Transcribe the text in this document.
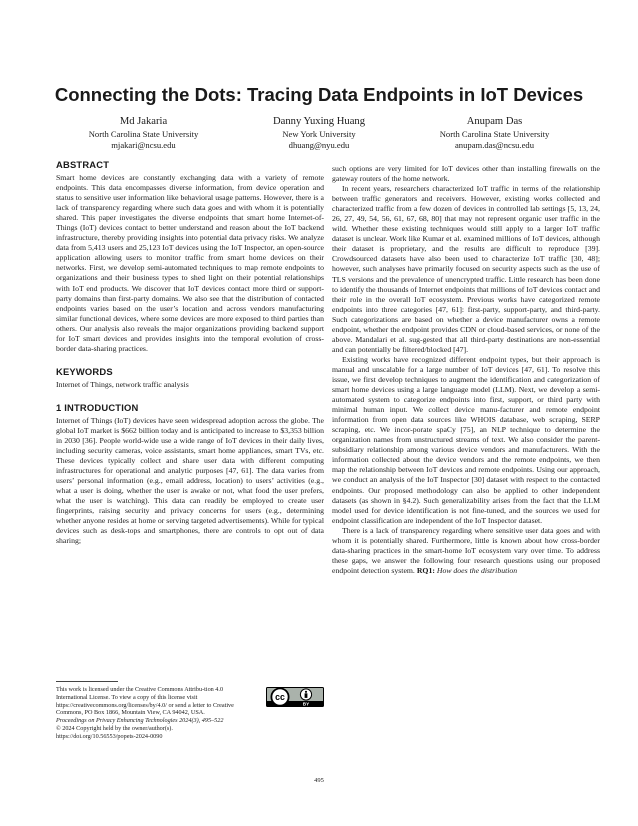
Connecting the Dots: Tracing Data Endpoints in IoT Devices
Md Jakaria
North Carolina State University
mjakari@ncsu.edu
Danny Yuxing Huang
New York University
dhuang@nyu.edu
Anupam Das
North Carolina State University
anupam.das@ncsu.edu
ABSTRACT

Smart home devices are constantly exchanging data with a variety of remote endpoints. This data encompasses diverse information, from device operation and status to sensitive user information like behavioral usage patterns. However, there is a lack of transparency regarding where such data goes and with whom it is potentially shared. This paper investigates the diverse endpoints that smart home Internet-of-Things (IoT) devices contact to better understand and reason about the IoT backend infrastructure, thereby providing insights into potential data privacy risks. We analyze data from 5,413 users and 25,123 IoT devices using the IoT Inspector, an open-source application allowing users to monitor traffic from smart home devices on their networks. First, we develop semi-automated techniques to map remote endpoints to organizations and their business types to shed light on their potential relationships with IoT end products. We discover that IoT devices contact more third or support-party domains than first-party domains. We also see that the distribution of contacted endpoints varies based on the user’s location and across vendors manufacturing similar functional devices, where some devices are more exposed to third parties than others. Our analysis also reveals the major organizations providing backend support for IoT smart devices and provides insights into the temporal evolution of cross-border data-sharing practices.

KEYWORDS

Internet of Things, network traffic analysis

1 INTRODUCTION

Internet of Things (IoT) devices have seen widespread adoption across the globe. The global IoT market is $662 billion today and is anticipated to increase to $3,353 billion in 2030 [36]. People world-wide use a wide range of IoT devices in their daily lives, including security cameras, voice assistants, smart home appliances, smart TVs, etc. These devices typically collect and share user data with different computing infrastructures for operational and analytic purposes [47, 61]. The data varies from users’ personal information (e.g., email address, location) to users’ activities (e.g., what a user is doing, whether the user is awake or not, what food the user prefers, what the user is watching). This data can readily be employed to create user fingerprints, raising security and privacy concerns for users (e.g., determining whether anyone resides at home or serving targeted advertisements). While for typical devices such as desk-tops and smartphones, there are controls to opt out of data sharing;

such options are very limited for IoT devices other than installing firewalls on the gateway routers of the home network.

In recent years, researchers characterized IoT traffic in terms of the relationship between traffic generators and receivers. However, existing works collected and characterized traffic from a few dozen of devices in controlled lab settings [5, 13, 24, 26, 27, 49, 54, 56, 61, 67, 68, 80] that may not represent organic user traffic in the wild. Whether these existing techniques would still apply to a larger IoT traffic dataset is unclear. Work like Kumar et al. examined millions of IoT devices, although their dataset is proprietary, and the results are difficult to reproduce [39]. Crowdsourced datasets have also been used to characterize IoT traffic [30, 48]; however, such analyses have primarily focused on security aspects such as the use of TLS versions and the prevalence of unencrypted traffic. Little research has been done to identify the thousands of Internet endpoints that millions of IoT devices contact and their role in the overall IoT ecosystem. Previous works have categorized remote endpoints into three categories [47, 61]: first-party, support-party, and third-party. Such categorizations are based on whether a device manufacturer owns a remote endpoint, whether the endpoint provides CDN or cloud-based services, or none of the above. Mandalari et al. sug-gested that all third-party destinations are non-essential and can potentially be filtered/blocked [47].

Existing works have recognized different endpoint types, but their approach is manual and unscalable for a large number of IoT devices [47, 61]. To resolve this issue, we first develop techniques to augment the identification and categorization of smart home devices using a large language model (LLM). Next, we develop a semi-automated system to categorize endpoints into first, support, or third party with minimal human input. We collect device manu-facturer and remote endpoint information from open data sources like WHOIS database, web scraping, SERP scraping, etc. We incor-porate spaCy [75], an NLP technique to determine the organization names from unstructured streams of text. We also consider the parent-subsidiary relationship among various device vendors and manufacturers. With the information collected about the device vendors and the remote endpoints, we then map the relationship between IoT devices and remote endpoints. Using our approach, we conduct an analysis of the IoT Inspector [30] dataset with respect to the contacted endpoints. Our proposed methodology can also be applied to other independent datasets (as shown in §4.2). Such generalizability arises from the fact that the LLM model used for device identification is not fine-tuned, and the sources we used for endpoint classification are independent of the IoT Inspector dataset.

There is a lack of transparency regarding where sensitive user data goes and with whom it is potentially shared. Furthermore, little is known about how cross-border data-sharing practices in the smart-home IoT ecosystem vary over time. To address these gaps, we answer the following four research questions using our proposed endpoint detection system. RQ1: How does the distribution

This work is licensed under the Creative Commons Attribu-tion 4.0 International License. To view a copy of this license visit https://creativecommons.org/licenses/by/4.0/ or send a letter to Creative Commons, PO Box 1866, Mountain View, CA 94042, USA.
cc
BY
Proceedings on Privacy Enhancing Technologies 2024(3), 495–522
© 2024 Copyright held by the owner/author(s).
https://doi.org/10.56553/popets-2024-0090
495
